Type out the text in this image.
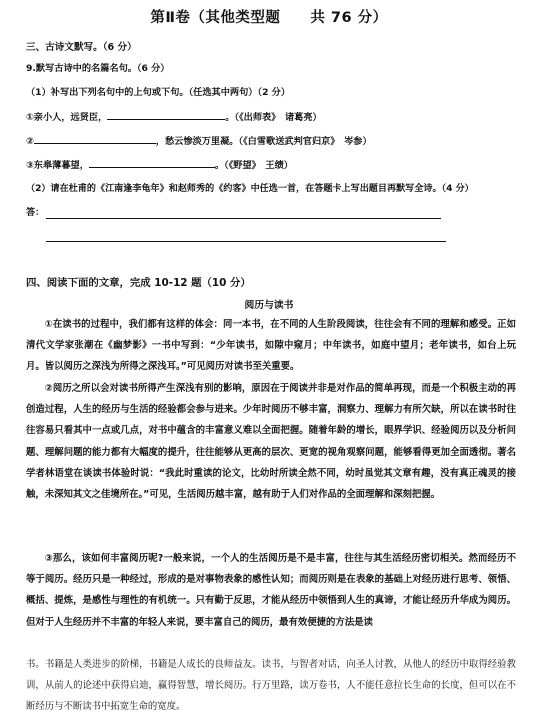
第Ⅱ卷（其他类型题　　共 76 分）
三、古诗文默写。（6 分）
9.默写古诗中的名篇名句。（6 分）
（1）补写出下列名句中的上句或下句。（任选其中两句）（2 分）
①亲小人，远贤臣，	。（《出师表》　诸葛亮）
②	，愁云惨淡万里凝。（《白雪歌送武判官归京》　岑参）
③东皋薄暮望，	。（《野望》　王绩）
（2）请在杜甫的《江南逢李龟年》和赵师秀的《约客》中任选一首，在答题卡上写出题目再默写全诗。（4 分）
答：
四、阅读下面的文章，完成 10-12 题（10 分）
阅历与读书
①在读书的过程中，我们都有这样的体会：同一本书，在不同的人生阶段阅读，往往会有不同的理解和感受。正如清代文学家张潮在《幽梦影》一书中写到：“少年读书，如隙中窥月；中年读书，如庭中望月；老年读书，如台上玩月。皆以阅历之深浅为所得之深浅耳。”可见阅历对读书至关重要。
②阅历之所以会对读书所得产生深浅有别的影响，原因在于阅读并非是对作品的简单再现，而是一个积极主动的再创造过程，人生的经历与生活的经验都会参与进来。少年时阅历不够丰富，洞察力、理解力有所欠缺，所以在读书时往往容易只看其中一点或几点，对书中蕴含的丰富意义难以全面把握。随着年龄的增长，眼界学识、经验阅历以及分析问题、理解问题的能力都有大幅度的提升，往往能够从更高的层次、更宽的视角观察问题，能够看得更加全面透彻。著名学者林语堂在谈读书体验时说：“我此时重读的论文，比幼时所读全然不同，幼时虽觉其文章有趣，没有真正魂灵的接触，未深知其文之佳境所在。”可见，生活阅历越丰富，越有助于人们对作品的全面理解和深刻把握。
③那么，该如何丰富阅历呢?一般来说，一个人的生活阅历是不是丰富，往往与其生活经历密切相关。然而经历不等于阅历。经历只是一种经过，形成的是对事物表象的感性认知；而阅历则是在表象的基础上对经历进行思考、领悟、概括、提炼，是感性与理性的有机统一。只有勤于反思，才能从经历中领悟到人生的真谛，才能让经历升华成为阅历。但对于人生经历并不丰富的年轻人来说，要丰富自己的阅历，最有效便捷的方法是读
书。书籍是人类进步的阶梯，书籍是人成长的良师益友。读书，与智者对话，向圣人讨教，从他人的经历中取得经验教训，从前人的论述中获得启迪，赢得智慧，增长阅历。行万里路，读万卷书，人不能任意拉长生命的长度，但可以在不断经历与不断读书中拓宽生命的宽度。
